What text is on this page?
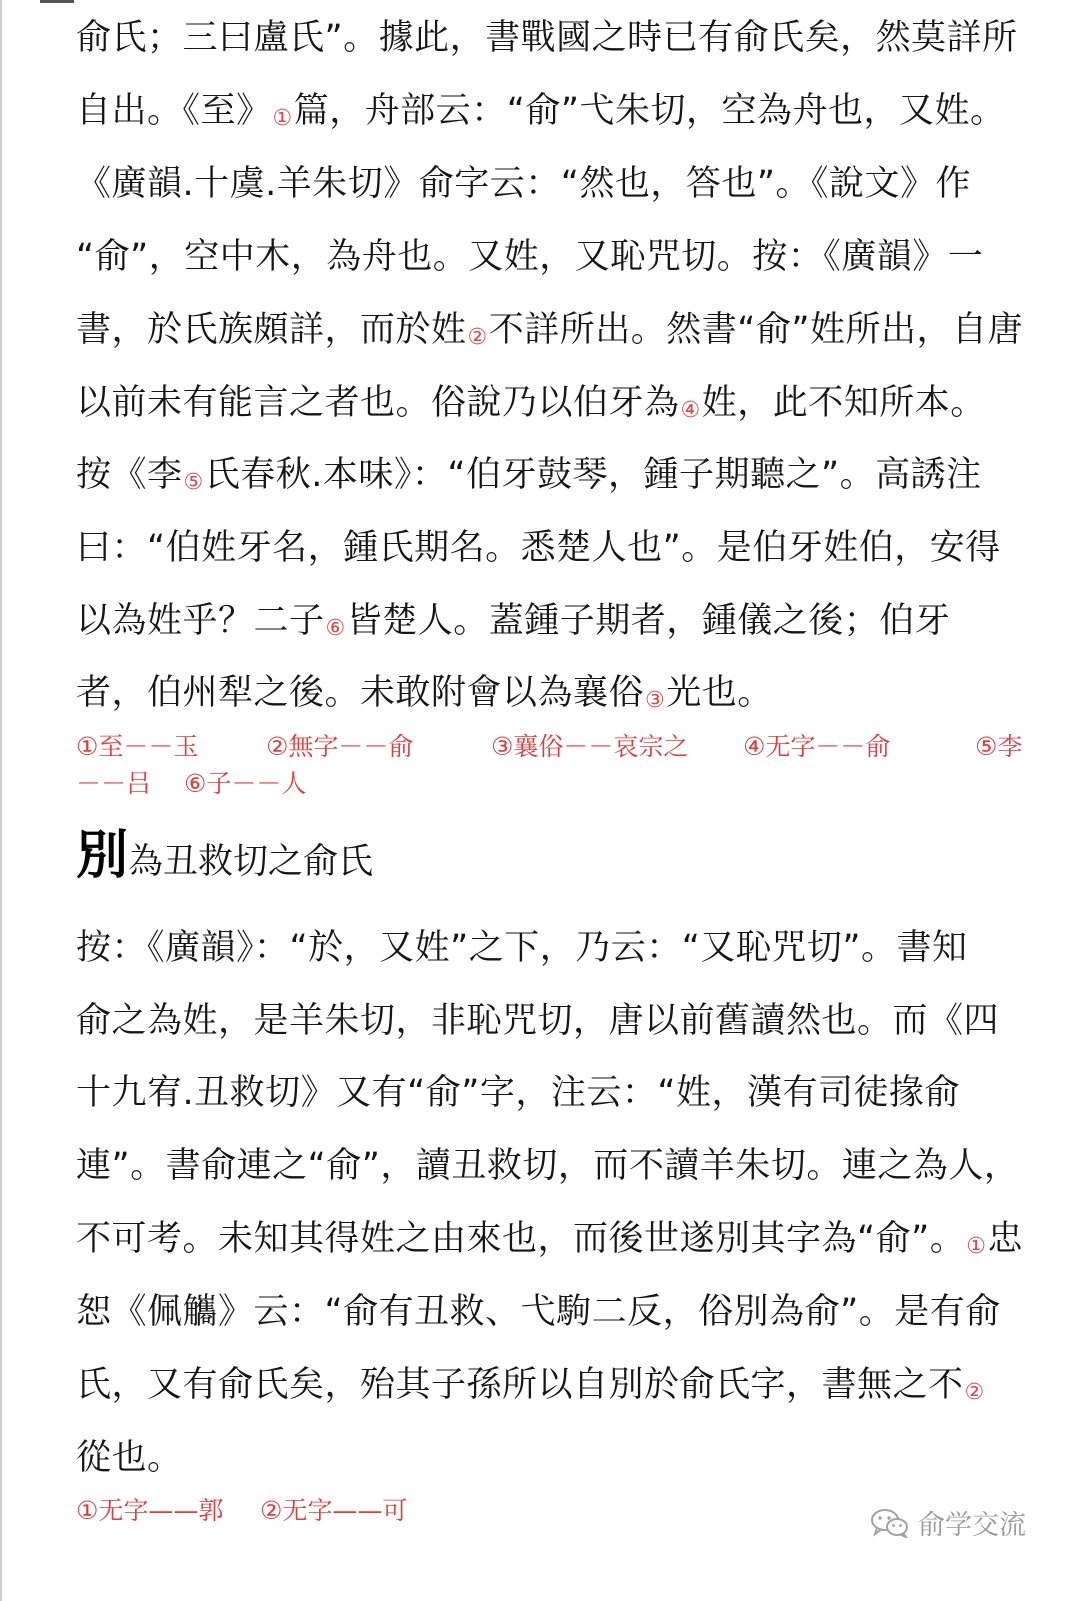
俞氏；三曰盧氏”。據此，書戰國之時已有俞氏矣，然莫詳所
自出。《至》①篇，舟部云：“俞”弋朱切，空為舟也，又姓。
《廣韻.十虞.羊朱切》俞字云：“然也，答也”。《說文》作
“俞”，空中木，為舟也。又姓，又恥咒切。按：《廣韻》一
書，於氏族頗詳，而於姓②不詳所出。然書“俞”姓所出，自唐
以前未有能言之者也。俗說乃以伯牙為④姓，此不知所本。
按《李⑤氏春秋.本味》：“伯牙鼓琴，鍾子期聽之”。高誘注
曰：“伯姓牙名，鍾氏期名。悉楚人也”。是伯牙姓伯，安得
以為姓乎？二子⑥皆楚人。蓋鍾子期者，鍾儀之後；伯牙
者，伯州犁之後。未敢附會以為襄俗③光也。
①至－－玉	②無字－－俞	③襄俗－－哀宗之 ④无字－－俞	⑤李
－－吕 ⑥子－－人
別為丑救切之俞氏
按：《廣韻》：“於，又姓”之下，乃云：“又恥咒切”。書知
俞之為姓，是羊朱切，非恥咒切，唐以前舊讀然也。而《四
十九宥.丑救切》又有“俞”字，注云：“姓，漢有司徒掾俞
連”。書俞連之“俞”，讀丑救切，而不讀羊朱切。連之為人，
不可考。未知其得姓之由來也，而後世遂別其字為“俞”。①忠
恕《佩觿》云：“俞有丑救、弋駒二反，俗別為俞”。是有俞
氏，又有俞氏矣，殆其子孫所以自別於俞氏字，書無之不②
從也。
①无字——郭 ②无字——可	俞学交流
